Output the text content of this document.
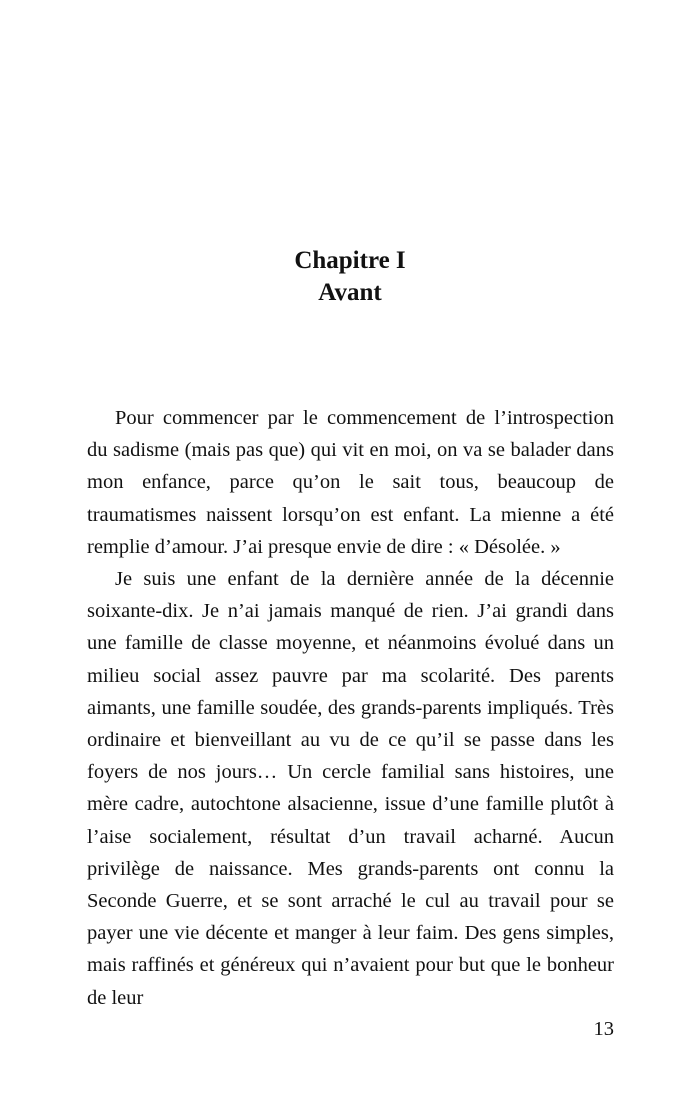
Chapitre I
Avant

Pour commencer par le commencement de l’introspection du sadisme (mais pas que) qui vit en moi, on va se balader dans mon enfance, parce qu’on le sait tous, beaucoup de traumatismes naissent lorsqu’on est enfant. La mienne a été remplie d’amour. J’ai presque envie de dire : « Désolée. »

Je suis une enfant de la dernière année de la décennie soixante-dix. Je n’ai jamais manqué de rien. J’ai grandi dans une famille de classe moyenne, et néanmoins évolué dans un milieu social assez pauvre par ma scolarité. Des parents aimants, une famille soudée, des grands-parents impliqués. Très ordinaire et bienveillant au vu de ce qu’il se passe dans les foyers de nos jours… Un cercle familial sans histoires, une mère cadre, autochtone alsacienne, issue d’une famille plutôt à l’aise socialement, résultat d’un travail acharné. Aucun privilège de naissance. Mes grands-parents ont connu la Seconde Guerre, et se sont arraché le cul au travail pour se payer une vie décente et manger à leur faim. Des gens simples, mais raffinés et généreux qui n’avaient pour but que le bonheur de leur

13
